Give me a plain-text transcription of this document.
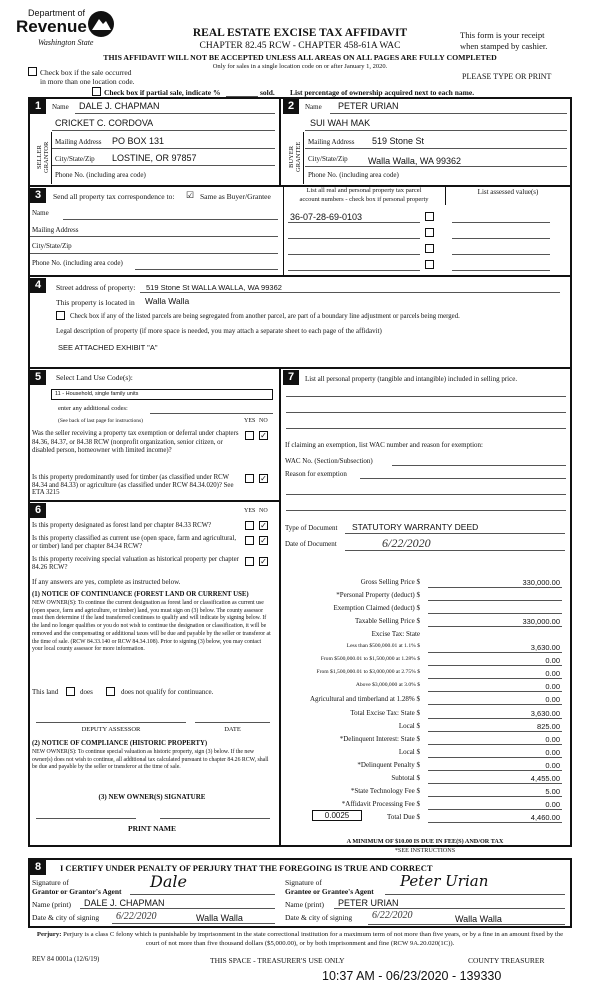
Department of
Revenue
Washington State
REAL ESTATE EXCISE TAX AFFIDAVIT
CHAPTER 82.45 RCW - CHAPTER 458-61A WAC
This form is your receipt
when stamped by cashier.
THIS AFFIDAVIT WILL NOT BE ACCEPTED UNLESS ALL AREAS ON ALL PAGES ARE FULLY COMPLETED
Only for sales in a single location code on or after January 1, 2020.
Check box if the sale occurred
in more than one location code.
PLEASE TYPE OR PRINT
Check box if partial sale, indicate %	sold. List percentage of ownership acquired next to each name.
1	Name DALE J. CHAPMAN
CRICKET C. CORDOVA
SELLER GRANTOR Mailing Address PO BOX 131
City/State/Zip LOSTINE, OR 97857
Phone No. (including area code)
2	Name PETER URIAN
SUI WAH MAK
BUYER GRANTEE Mailing Address 519 Stone St
City/State/Zip Walla Walla, WA 99362
Phone No. (including area code)
3	Send all property tax correspondence to: ☑ Same as Buyer/Grantee
List all real and personal property tax parcel
account numbers - check box if personal property
List assessed value(s)
Name
Mailing Address
City/State/Zip
Phone No. (including area code)
36-07-28-69-0103
4	Street address of property: 519 Stone St WALLA WALLA, WA 99362
This property is located in Walla Walla
Check box if any of the listed parcels are being segregated from another parcel, are part of a boundary line adjustment or parcels being merged.
Legal description of property (if more space is needed, you may attach a separate sheet to each page of the affidavit)
SEE ATTACHED EXHIBIT "A"
5	Select Land Use Code(s):
11 - Household, single family units
enter any additional codes:
(See back of last page for instructions)	YES NO
Was the seller receiving a property tax exemption or deferral under chapters 84.36, 84.37, or 84.38 RCW (nonprofit organization, senior citizen, or disabled person, homeowner with limited income)?
✓
Is this property predominantly used for timber (as classified under RCW 84.34 and 84.33) or agriculture (as classified under RCW 84.34.020)? See ETA 3215
✓
6	YES NO
Is this property designated as forest land per chapter 84.33 RCW?	✓
Is this property classified as current use (open space, farm and agricultural, or timber) land per chapter 84.34 RCW?
✓
Is this property receiving special valuation as historical property per chapter 84.26 RCW?
✓
If any answers are yes, complete as instructed below.
(1) NOTICE OF CONTINUANCE (FOREST LAND OR CURRENT USE)
NEW OWNER(S): To continue the current designation as forest land or classification as current use (open space, farm and agriculture, or timber) land, you must sign on (3) below. The county assessor must then determine if the land transferred continues to qualify and will indicate by signing below. If the land no longer qualifies or you do not wish to continue the designation or classification, it will be removed and the compensating or additional taxes will be due and payable by the seller or transferor at the time of sale. (RCW 84.33.140 or RCW 84.34.108). Prior to signing (3) below, you may contact your local county assessor for more information.
This land	does	does not qualify for continuance.
DEPUTY ASSESSOR	DATE
(2) NOTICE OF COMPLIANCE (HISTORIC PROPERTY)
NEW OWNER(S): To continue special valuation as historic property, sign (3) below. If the new owner(s) does not wish to continue, all additional tax calculated pursuant to chapter 84.26 RCW, shall be due and payable by the seller or transferor at the time of sale.
(3) NEW OWNER(S) SIGNATURE
PRINT NAME
7	List all personal property (tangible and intangible) included in selling price.
If claiming an exemption, list WAC number and reason for exemption:
WAC No. (Section/Subsection)
Reason for exemption
Type of Document STATUTORY WARRANTY DEED
Date of Document	6/22/2020
Gross Selling Price $	330,000.00
*Personal Property (deduct) $
Exemption Claimed (deduct) $
Taxable Selling Price $	330,000.00
Excise Tax: State
Less than $500,000.01 at 1.1% $	3,630.00
From $500,000.01 to $1,500,000 at 1.28% $	0.00
From $1,500,000.01 to $3,000,000 at 2.75% $	0.00
Above $3,000,000 at 3.0% $	0.00
Agricultural and timberland at 1.28% $	0.00
Total Excise Tax: State $	3,630.00
Local $	825.00
*Delinquent Interest: State $	0.00
Local $	0.00
*Delinquent Penalty $	0.00
Subtotal $	4,455.00
*State Technology Fee $	5.00
*Affidavit Processing Fee $	0.00
Total Due $	4,460.00
0.0025
A MINIMUM OF $10.00 IS DUE IN FEE(S) AND/OR TAX
*SEE INSTRUCTIONS
8	I CERTIFY UNDER PENALTY OF PERJURY THAT THE FOREGOING IS TRUE AND CORRECT
Signature of
Grantor or Grantor's Agent
Dale	Signature of
Grantee or Grantee's Agent
Peter Urian
Name (print) DALE J. CHAPMAN	Name (print) PETER URIAN
Date & city of signing 6/22/2020	Walla Walla	Date & city of signing 6/22/2020	Walla Walla
Perjury: Perjury is a class C felony which is punishable by imprisonment in the state correctional institution for a maximum term of not more than five years, or by a fine in an amount fixed by the court of not more than five thousand dollars ($5,000.00), or by both imprisonment and fine (RCW 9A.20.020(1C)).
REV 84 0001a (12/6/19)	THIS SPACE - TREASURER'S USE ONLY	COUNTY TREASURER
10:37 AM - 06/23/2020 - 139330
